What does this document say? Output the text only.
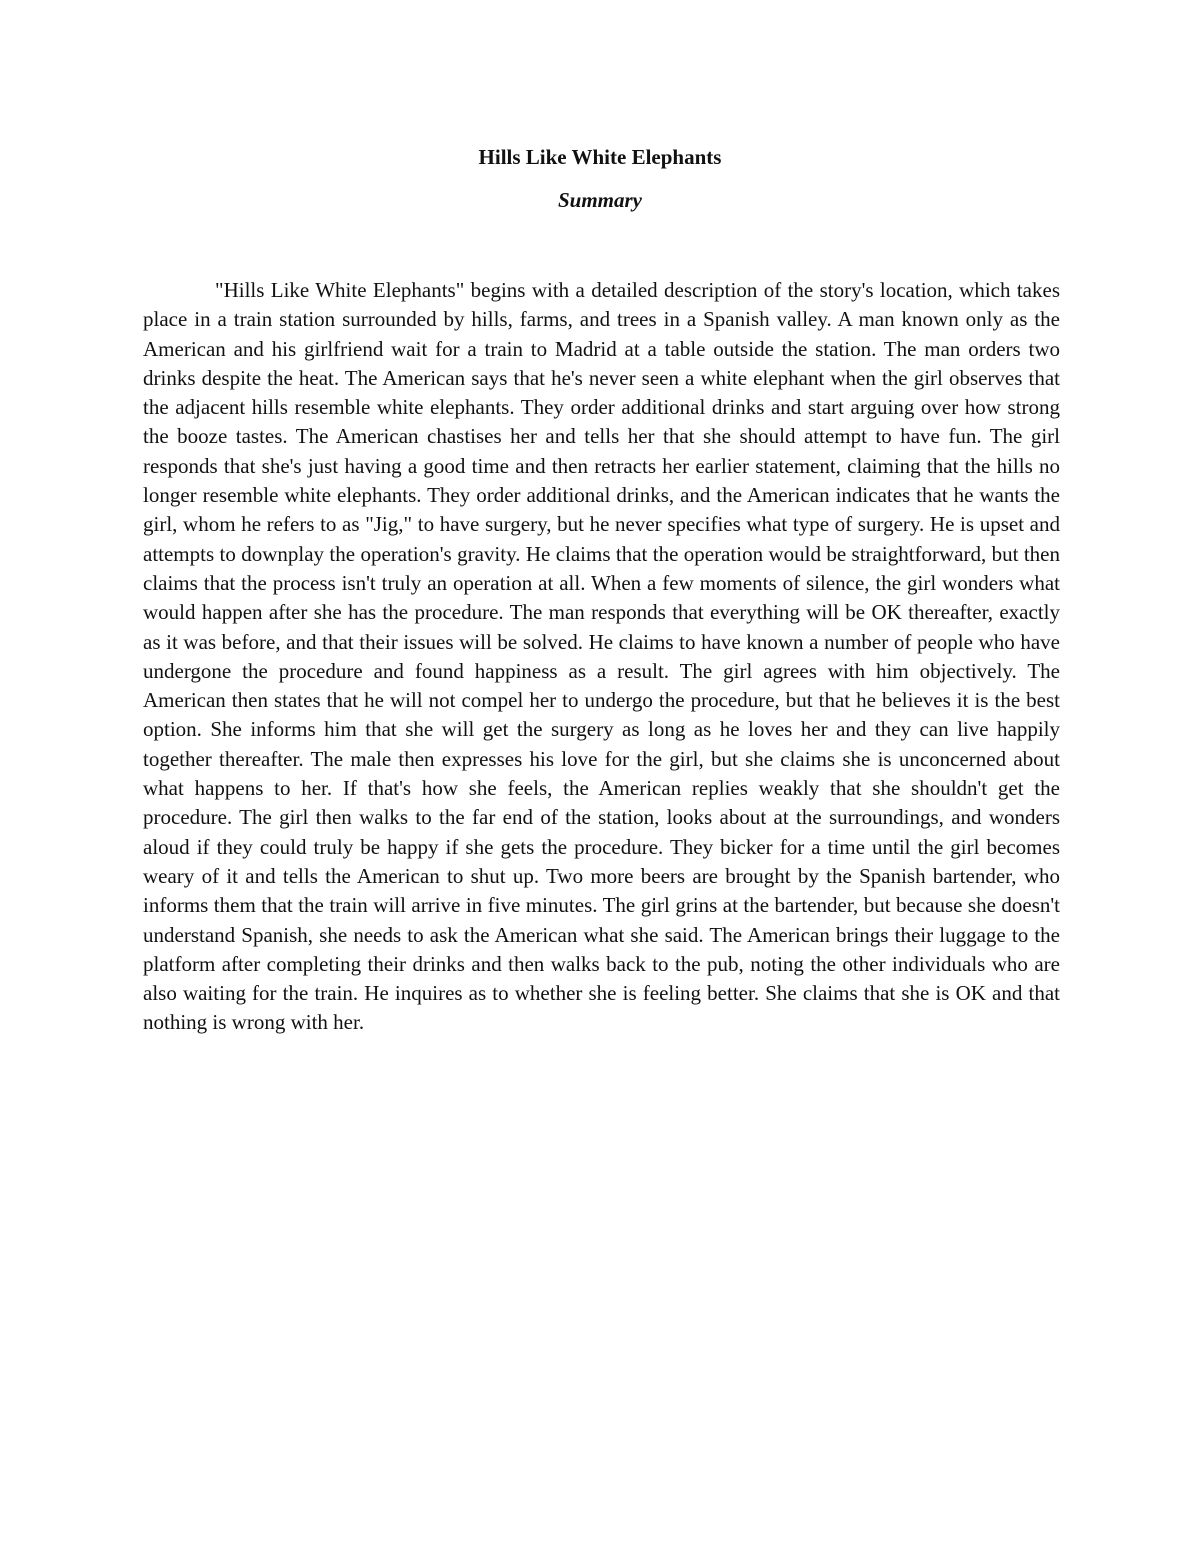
Hills Like White Elephants
Summary

"Hills Like White Elephants" begins with a detailed description of the story's location, which takes place in a train station surrounded by hills, farms, and trees in a Spanish valley. A man known only as the American and his girlfriend wait for a train to Madrid at a table outside the station. The man orders two drinks despite the heat. The American says that he's never seen a white elephant when the girl observes that the adjacent hills resemble white elephants. They order additional drinks and start arguing over how strong the booze tastes. The American chastises her and tells her that she should attempt to have fun. The girl responds that she's just having a good time and then retracts her earlier statement, claiming that the hills no longer resemble white elephants. They order additional drinks, and the American indicates that he wants the girl, whom he refers to as "Jig," to have surgery, but he never specifies what type of surgery. He is upset and attempts to downplay the operation's gravity. He claims that the operation would be straightforward, but then claims that the process isn't truly an operation at all. When a few moments of silence, the girl wonders what would happen after she has the procedure. The man responds that everything will be OK thereafter, exactly as it was before, and that their issues will be solved. He claims to have known a number of people who have undergone the procedure and found happiness as a result. The girl agrees with him objectively. The American then states that he will not compel her to undergo the procedure, but that he believes it is the best option. She informs him that she will get the surgery as long as he loves her and they can live happily together thereafter. The male then expresses his love for the girl, but she claims she is unconcerned about what happens to her. If that's how she feels, the American replies weakly that she shouldn't get the procedure. The girl then walks to the far end of the station, looks about at the surroundings, and wonders aloud if they could truly be happy if she gets the procedure. They bicker for a time until the girl becomes weary of it and tells the American to shut up. Two more beers are brought by the Spanish bartender, who informs them that the train will arrive in five minutes. The girl grins at the bartender, but because she doesn't understand Spanish, she needs to ask the American what she said. The American brings their luggage to the platform after completing their drinks and then walks back to the pub, noting the other individuals who are also waiting for the train. He inquires as to whether she is feeling better. She claims that she is OK and that nothing is wrong with her.
